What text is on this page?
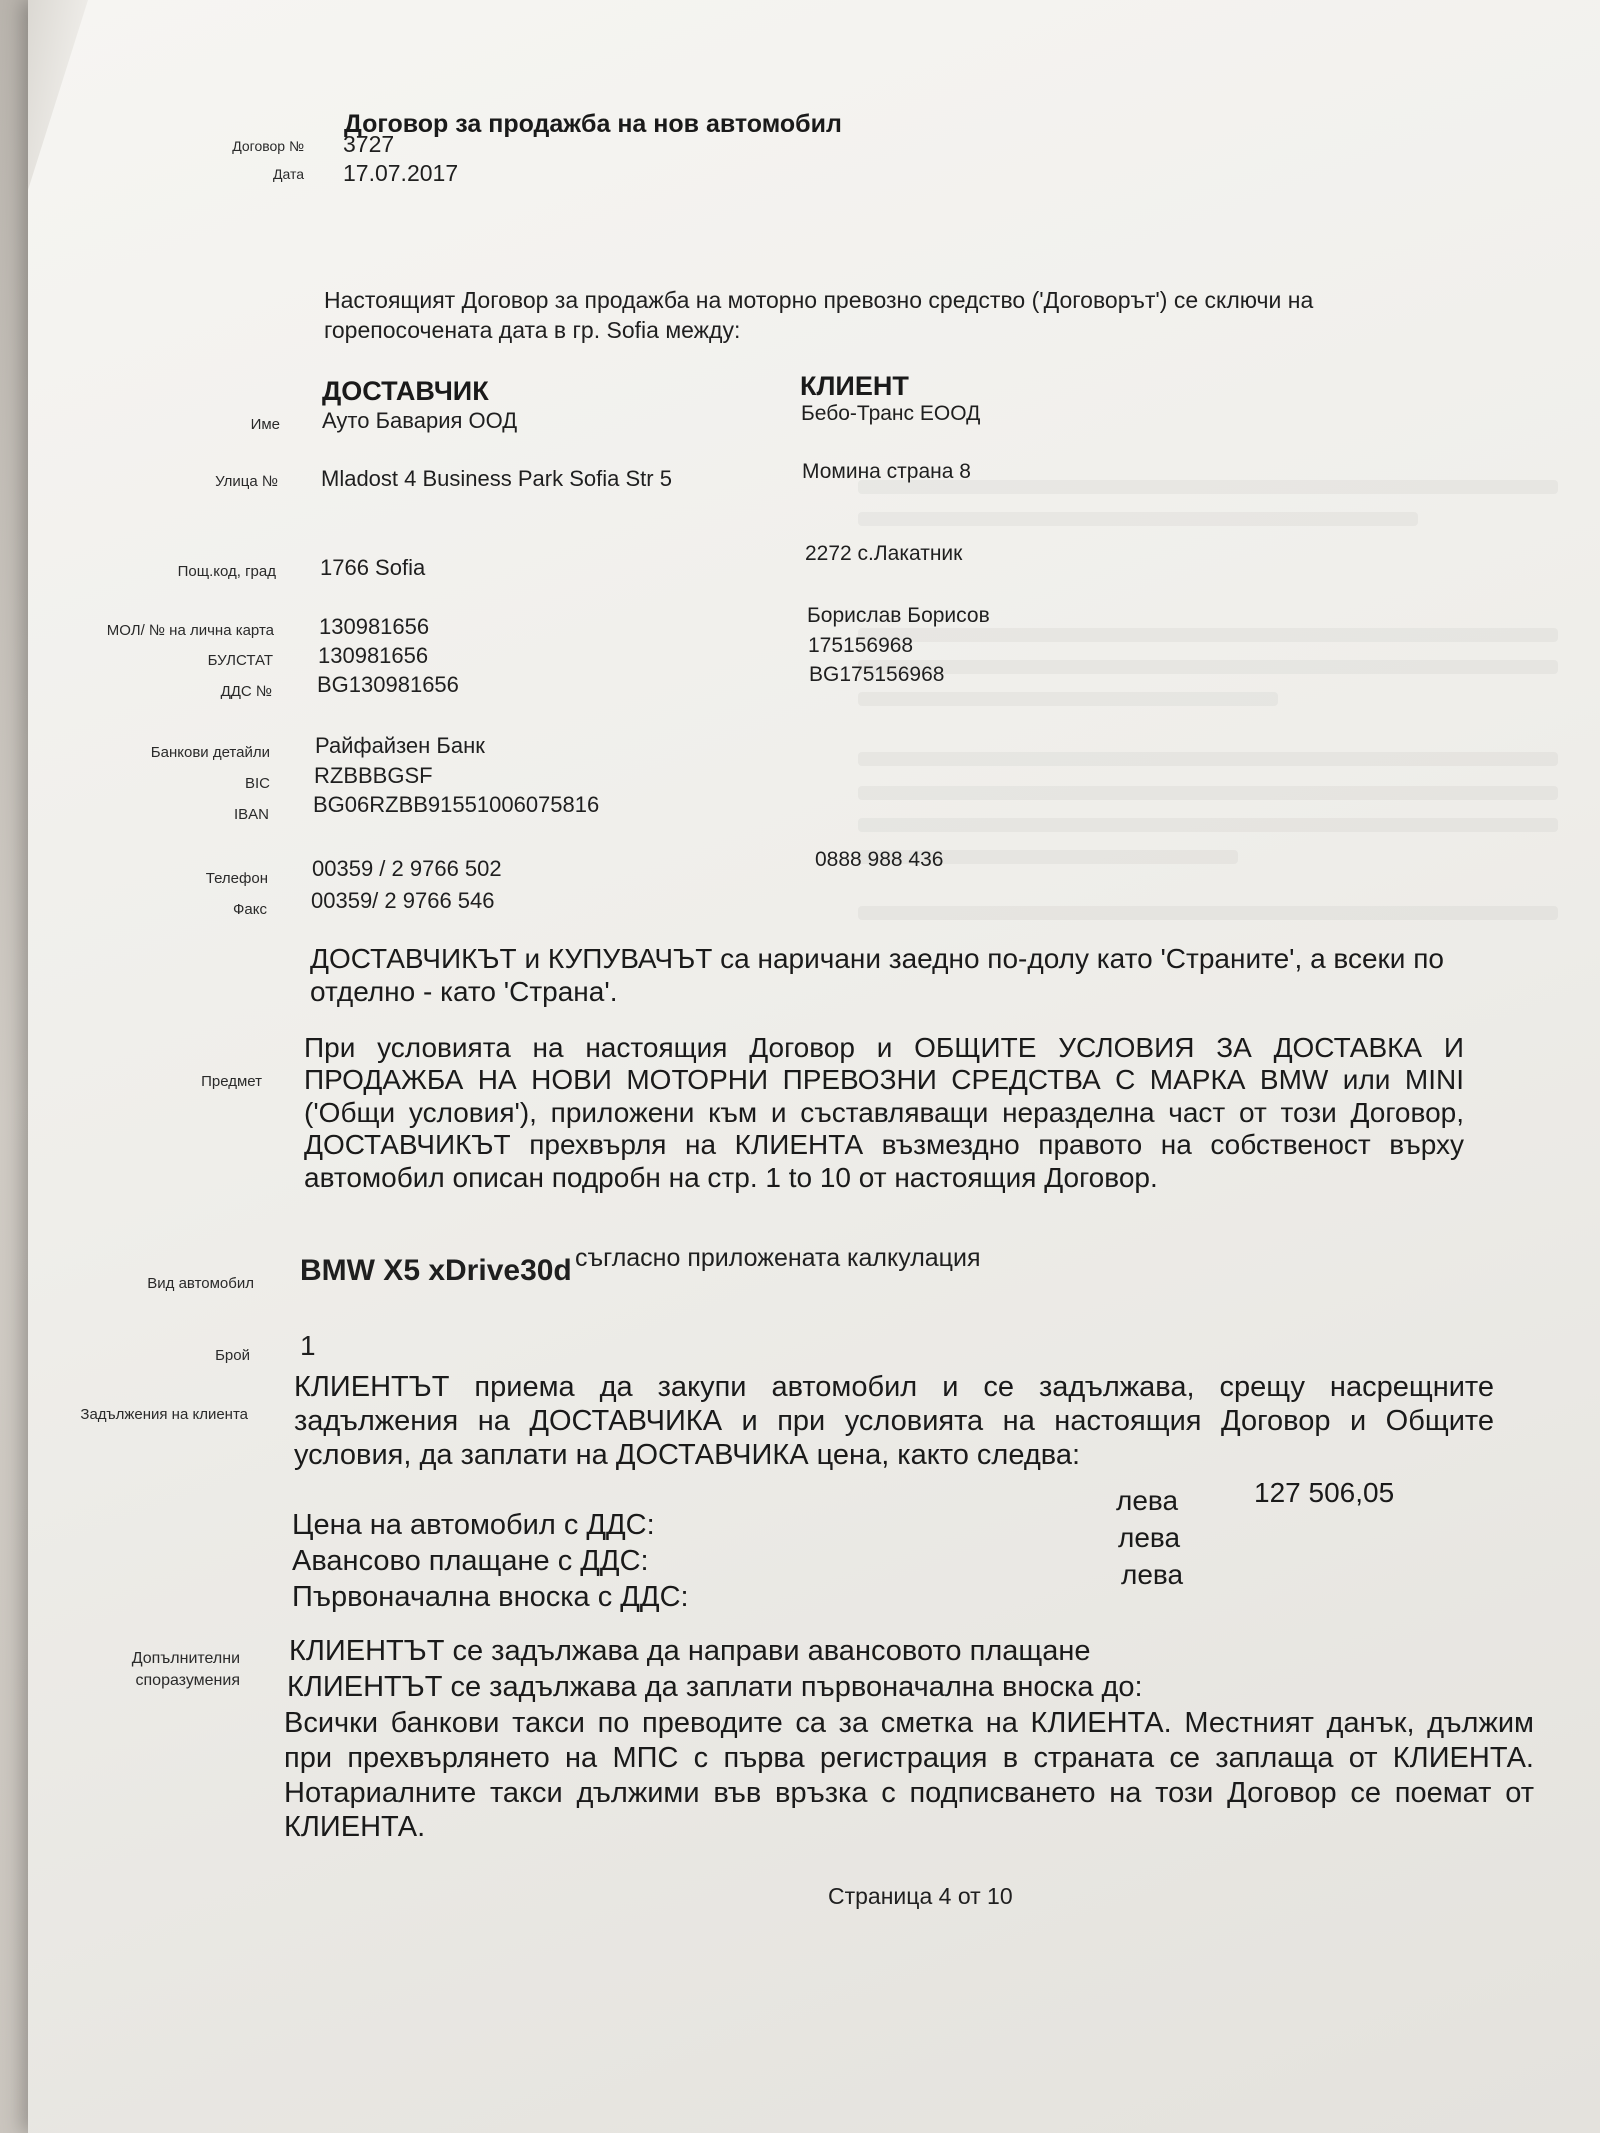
Договор за продажба на нов автомобил
Договор № 3727
Дата 17.07.2017
Настоящият Договор за продажба на моторно превозно средство ('Договорът') се сключи на горепосочената дата в гр. Sofia между:
ДОСТАВЧИК	КЛИЕНТ
Име
Улица №
Пощ.код, град
МОЛ/ № на лична карта
БУЛСТАТ
ДДС №
Банкови детайли
BIC
IBAN
Телефон
Факс
Ауто Бавария ООД
Mladost 4 Business Park Sofia Str 5
1766 Sofia
130981656
130981656
BG130981656
Райфайзен Банк
RZBBBGSF
BG06RZBB91551006075816
00359 / 2 9766 502
00359/ 2 9766 546
Бебо-Транс ЕООД
Момина страна 8
2272 с.Лакатник
Борислав Борисов
175156968
BG175156968
0888 988 436
ДОСТАВЧИКЪТ и КУПУВАЧЪТ са наричани заедно по-долу като 'Страните', а всеки по отделно - като 'Страна'.
Предмет
При условията на настоящия Договор и ОБЩИТЕ УСЛОВИЯ ЗА ДОСТАВКА И ПРОДАЖБА НА НОВИ МОТОРНИ ПРЕВОЗНИ СРЕДСТВА С МАРКА BMW или MINI ('Общи условия'), приложени към и съставляващи неразделна част от този Договор, ДОСТАВЧИКЪТ прехвърля на КЛИЕНТА възмездно правото на собственост върху автомобил описан подробн на стр. 1 to 10 от настоящия Договор.
Вид автомобил BMW X5 xDrive30d съгласно приложената калкулация
Брой 1
Задължения на клиента
КЛИЕНТЪТ приема да закупи автомобил и се задължава, срещу насрещните задължения на ДОСТАВЧИКА и при условията на настоящия Договор и Общите условия, да заплати на ДОСТАВЧИКА цена, както следва:
Цена на автомобил с ДДС:
лева	127 506,05
Авансово плащане с ДДС:
лева
Първоначална вноска с ДДС:
лева
Допълнителни
споразумения
КЛИЕНТЪТ се задължава да направи авансовото плащане
КЛИЕНТЪТ се задължава да заплати първоначална вноска до:
Всички банкови такси по преводите са за сметка на КЛИЕНТА. Местният данък, дължим при прехвърлянето на МПС с първа регистрация в страната се заплаща от КЛИЕНТА. Нотариалните такси дължими във връзка с подписването на този Договор се поемат от КЛИЕНТА.
Страница 4 от 10
